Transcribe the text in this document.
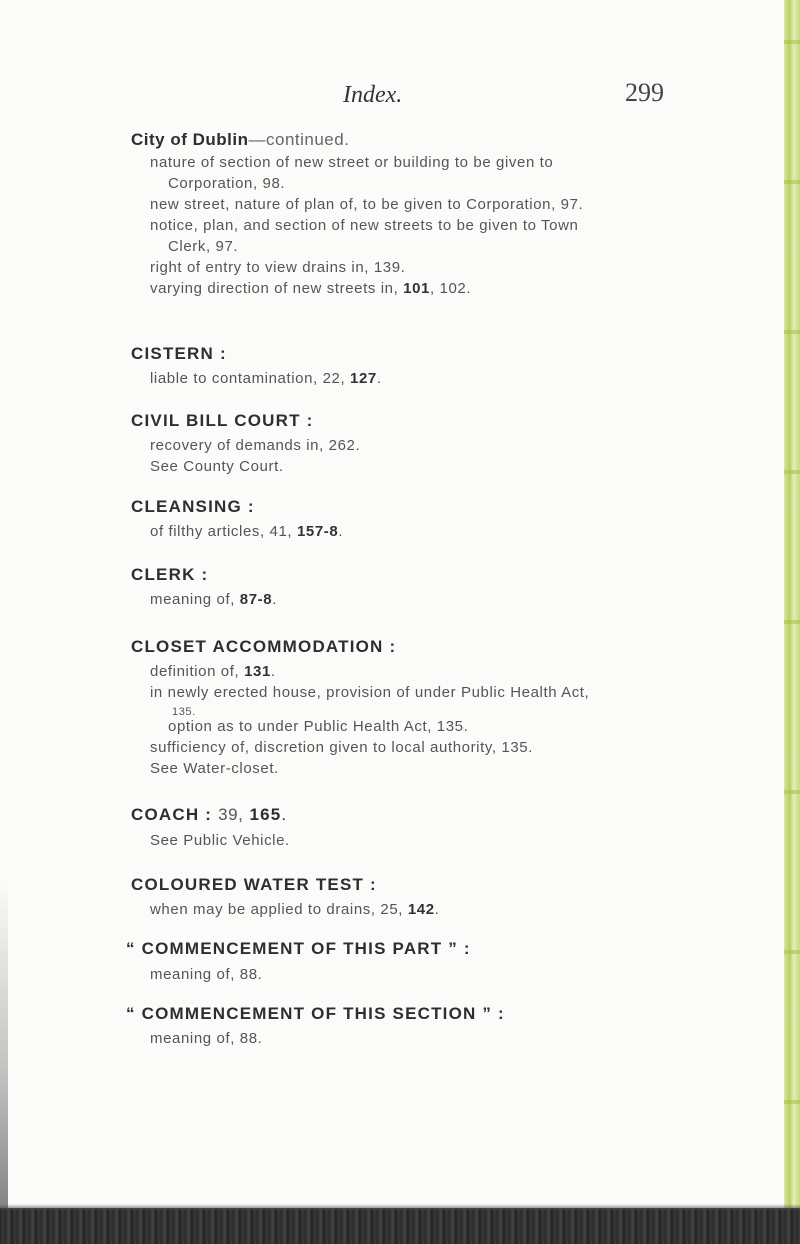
Index.	299
City of Dublin—continued.
nature of section of new street or building to be given to
Corporation, 98.
new street, nature of plan of, to be given to Corporation, 97.
notice, plan, and section of new streets to be given to Town
Clerk, 97.
right of entry to view drains in, 139.
varying direction of new streets in, 101, 102.
CISTERN :
liable to contamination, 22, 127.
CIVIL BILL COURT :
recovery of demands in, 262.
See County Court.
CLEANSING :
of filthy articles, 41, 157-8.
CLERK :
meaning of, 87-8.
CLOSET ACCOMMODATION :
definition of, 131.
in newly erected house, provision of under Public Health Act,
135.
option as to under Public Health Act, 135.
sufficiency of, discretion given to local authority, 135.
See Water-closet.
COACH : 39, 165.
See Public Vehicle.
COLOURED WATER TEST :
when may be applied to drains, 25, 142.
“ COMMENCEMENT OF THIS PART ” :
meaning of, 88.
“ COMMENCEMENT OF THIS SECTION ” :
meaning of, 88.
